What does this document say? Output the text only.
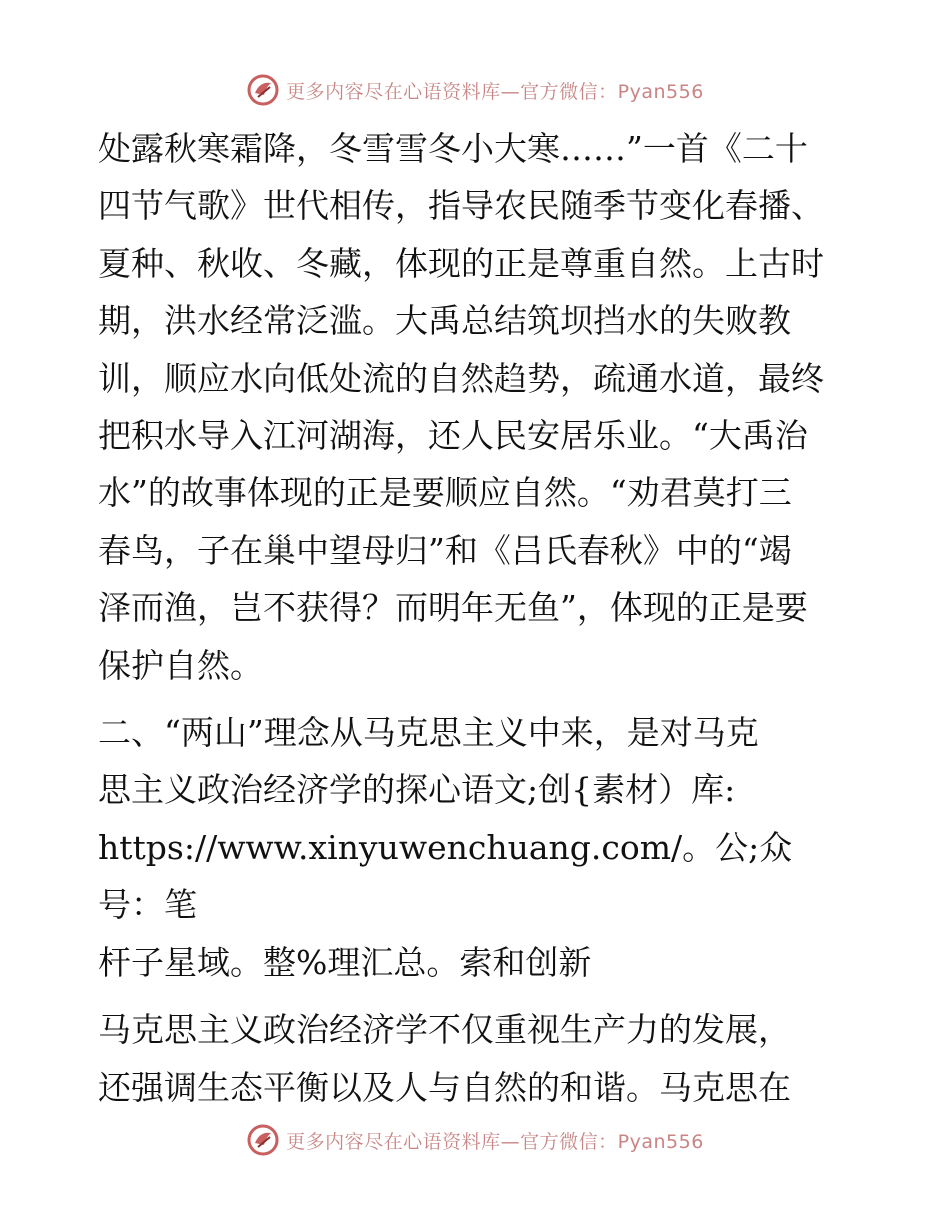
更多内容尽在心语资料库—官方微信：Pyan556

处露秋寒霜降，冬雪雪冬小大寒……”一首《二十
四节气歌》世代相传，指导农民随季节变化春播、
夏种、秋收、冬藏，体现的正是尊重自然。上古时
期，洪水经常泛滥。大禹总结筑坝挡水的失败教
训，顺应水向低处流的自然趋势，疏通水道，最终
把积水导入江河湖海，还人民安居乐业。“大禹治
水”的故事体现的正是要顺应自然。“劝君莫打三
春鸟，子在巢中望母归”和《吕氏春秋》中的“竭
泽而渔，岂不获得？而明年无鱼”，体现的正是要
保护自然。

二、“两山”理念从马克思主义中来，是对马克
思主义政治经济学的探心语文;创{素材）库:
https://www.xinyuwenchuang.com/。公;众号：笔
杆子星域。整%理汇总。索和创新

马克思主义政治经济学不仅重视生产力的发展，
还强调生态平衡以及人与自然的和谐。马克思在

更多内容尽在心语资料库—官方微信：Pyan556
